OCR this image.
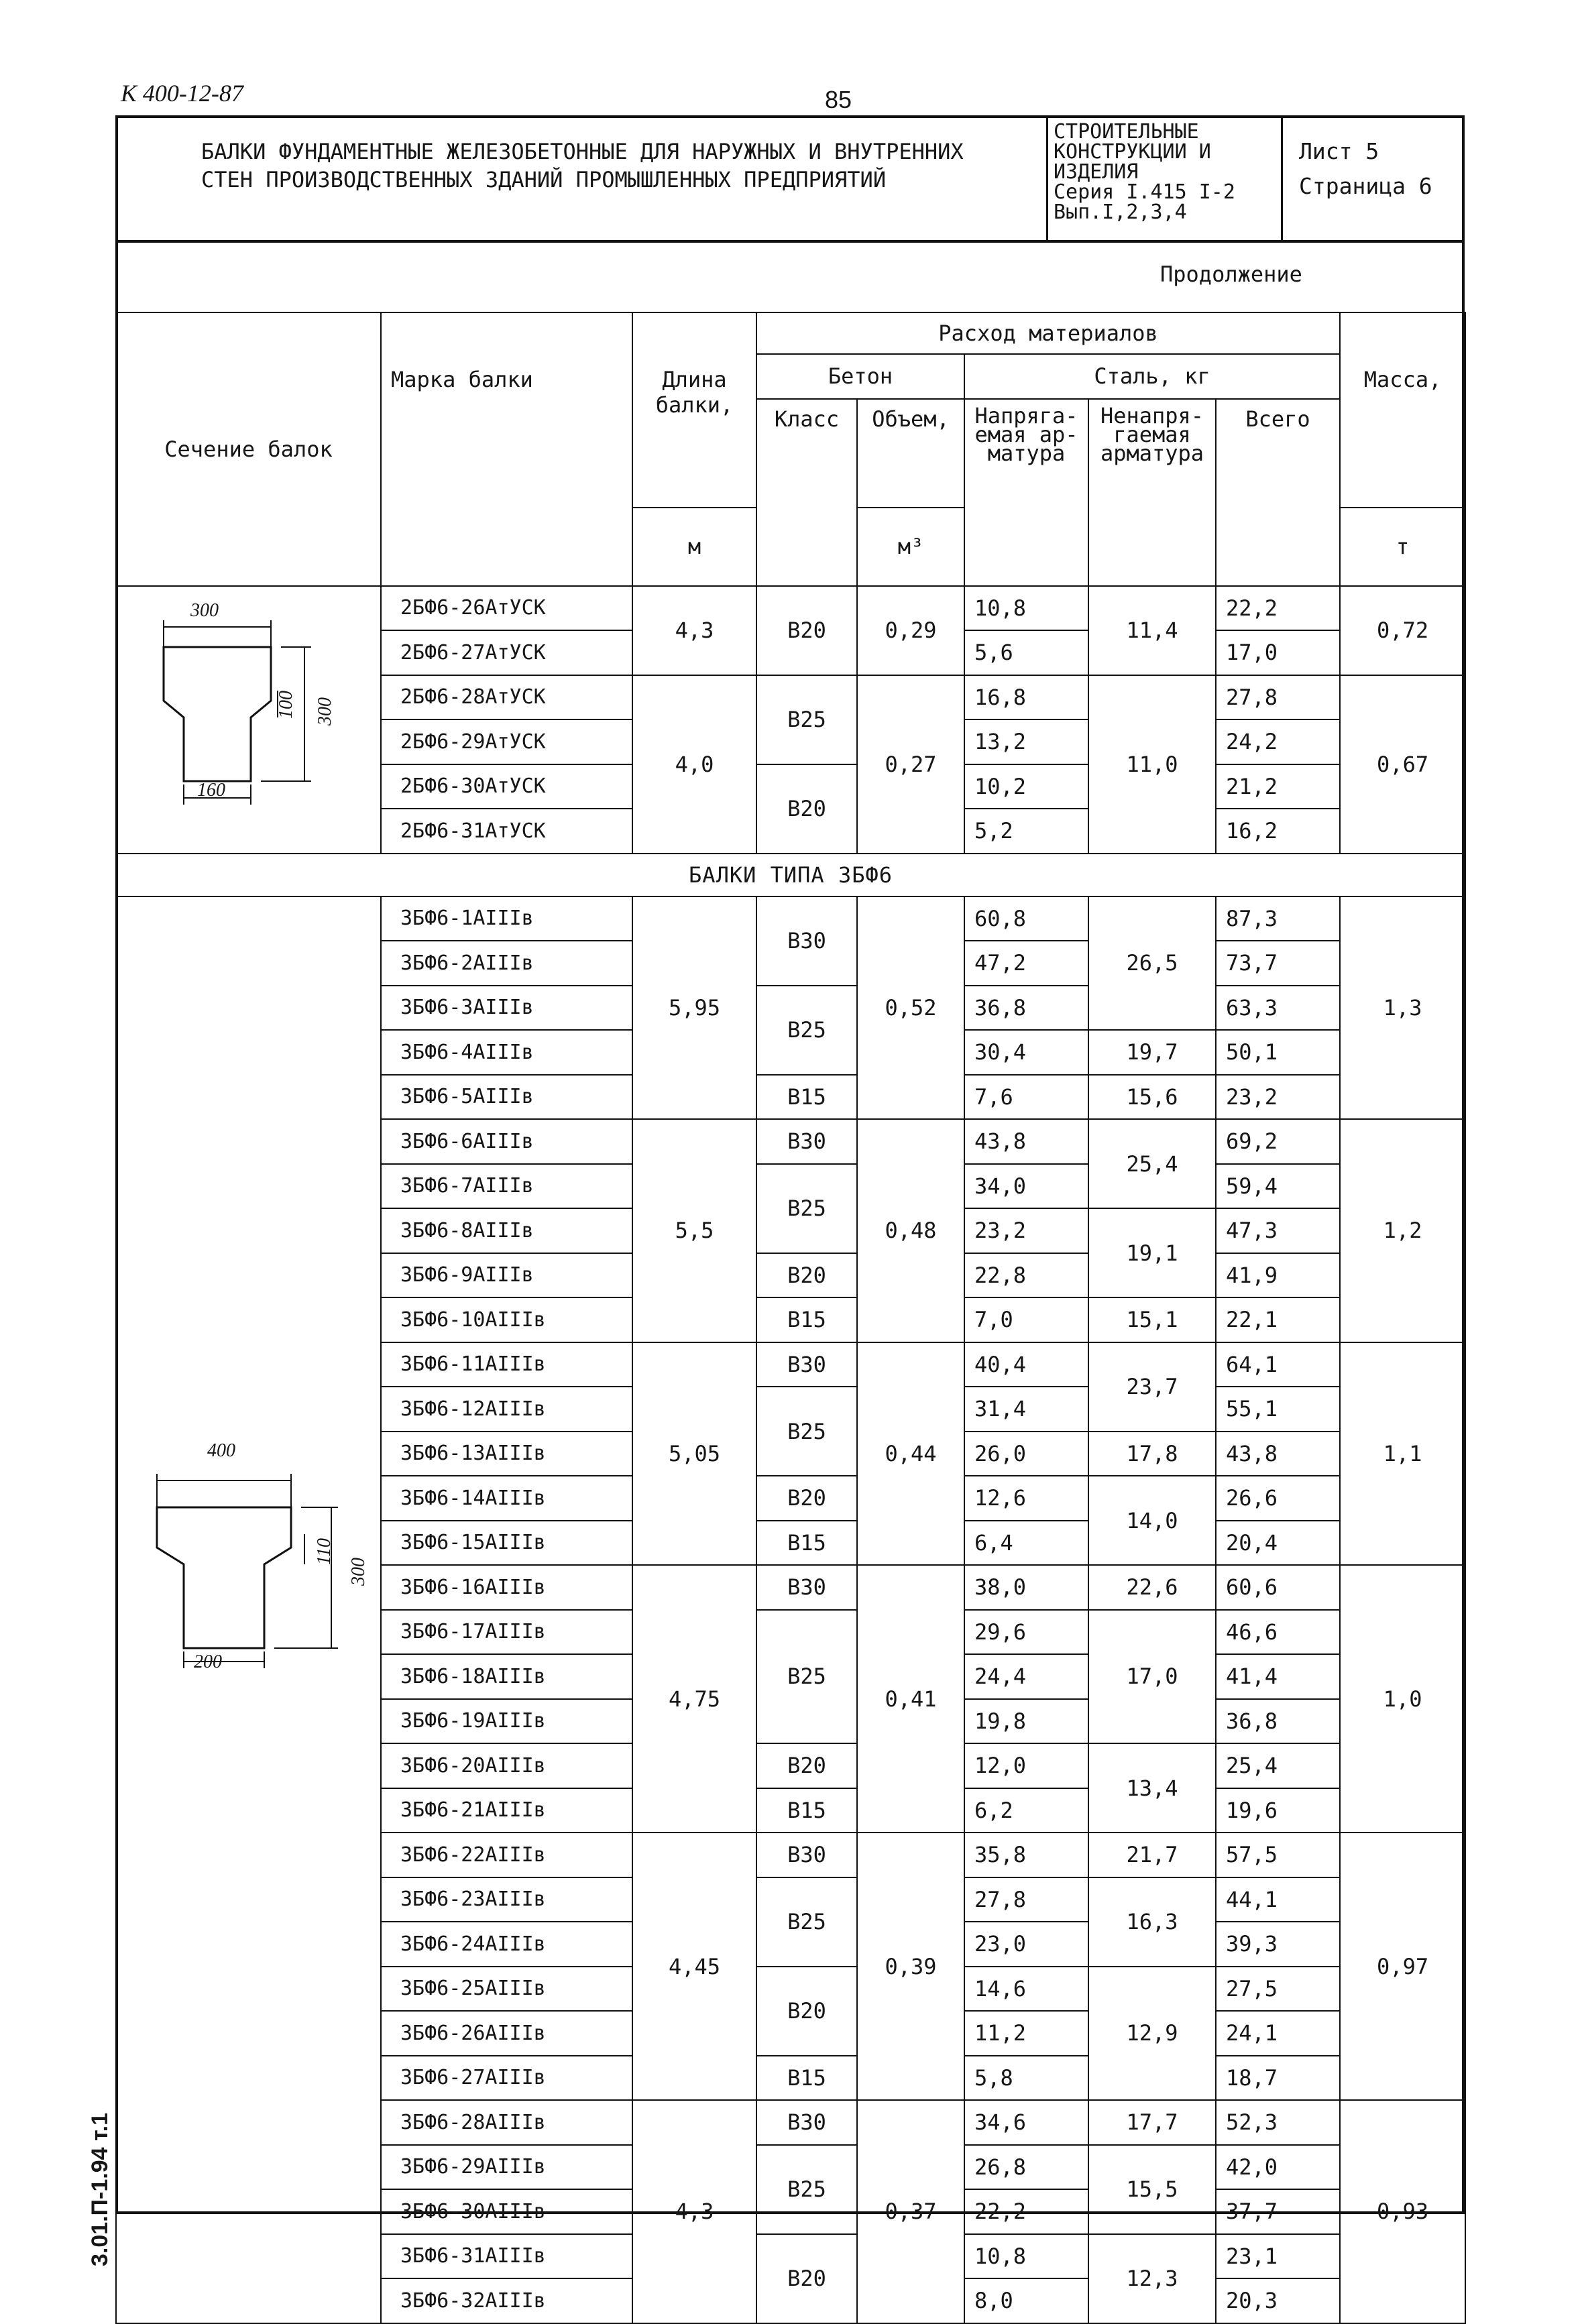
К 400-12-87	85
3.01.П-1.94 т.1
БАЛКИ ФУНДАМЕНТНЫЕ ЖЕЛЕЗОБЕТОННЫЕ ДЛЯ НАРУЖНЫХ И ВНУТРЕННИХ
СТЕН ПРОИЗВОДСТВЕННЫХ ЗДАНИЙ ПРОМЫШЛЕННЫХ ПРЕДПРИЯТИЙ
СТРОИТЕЛЬНЫЕ
КОНСТРУКЦИИ И
ИЗДЕЛИЯ
Серия I.415 I-2
Вып.I,2,3,4
Лист 5
Страница 6
Продолжение
Сечение балок	Марка балки	Длина балки,	Расход материалов					Масса,
			Бетон		Сталь, кг			
			Класс	Объем,	Напряга- емая ар- матура	Ненапря- гаемая арматура	Всего	
		м		м³				т

300
100 300
160	2БФ6-26АтУСК	4,3	B20	0,29	10,8	11,4	22,2	0,72
	2БФ6-27АтУСК				5,6		17,0	
	2БФ6-28АтУСК	4,0	B25	0,27	16,8	11,0	27,8	0,67
	2БФ6-29АтУСК				13,2		24,2	
	2БФ6-30АтУСК		B20		10,2		21,2	
	2БФ6-31АтУСК				5,2		16,2	
БАЛКИ ТИПА 3БФ6								

400
110
300
200	3БФ6-1АIIIв	5,95	B30	0,52	60,8	26,5	87,3	1,3
	3БФ6-2АIIIв				47,2		73,7	
	3БФ6-3АIIIв		B25		36,8		63,3	
	3БФ6-4АIIIв				30,4	19,7	50,1	
	3БФ6-5АIIIв		B15		7,6	15,6	23,2	
	3БФ6-6АIIIв	5,5	B30	0,48	43,8	25,4	69,2	1,2
	3БФ6-7АIIIв		B25		34,0		59,4	
	3БФ6-8АIIIв				23,2	19,1	47,3	
	3БФ6-9АIIIв		B20		22,8		41,9	
	3БФ6-10АIIIв		B15		7,0	15,1	22,1	
	3БФ6-11АIIIв	5,05	B30	0,44	40,4	23,7	64,1	1,1
	3БФ6-12АIIIв		B25		31,4		55,1	
	3БФ6-13АIIIв				26,0	17,8	43,8	
	3БФ6-14АIIIв		B20		12,6	14,0	26,6	
	3БФ6-15АIIIв		B15		6,4		20,4	
	3БФ6-16АIIIв	4,75	B30	0,41	38,0	22,6	60,6	1,0
	3БФ6-17АIIIв		B25		29,6	17,0	46,6	
	3БФ6-18АIIIв				24,4		41,4	
	3БФ6-19АIIIв				19,8		36,8	
	3БФ6-20АIIIв		B20		12,0	13,4	25,4	
	3БФ6-21АIIIв		B15		6,2		19,6	
	3БФ6-22АIIIв	4,45	B30	0,39	35,8	21,7	57,5	0,97
	3БФ6-23АIIIв		B25		27,8	16,3	44,1	
	3БФ6-24АIIIв				23,0		39,3	
	3БФ6-25АIIIв		B20		14,6	12,9	27,5	
	3БФ6-26АIIIв				11,2		24,1	
	3БФ6-27АIIIв		B15		5,8		18,7	
	3БФ6-28АIIIв	4,3	B30	0,37	34,6	17,7	52,3	0,93
	3БФ6-29АIIIв		B25		26,8	15,5	42,0	
	3БФ6-30АIIIв				22,2		37,7	
	3БФ6-31АIIIв		B20		10,8	12,3	23,1	
	3БФ6-32АIIIв				8,0		20,3	
